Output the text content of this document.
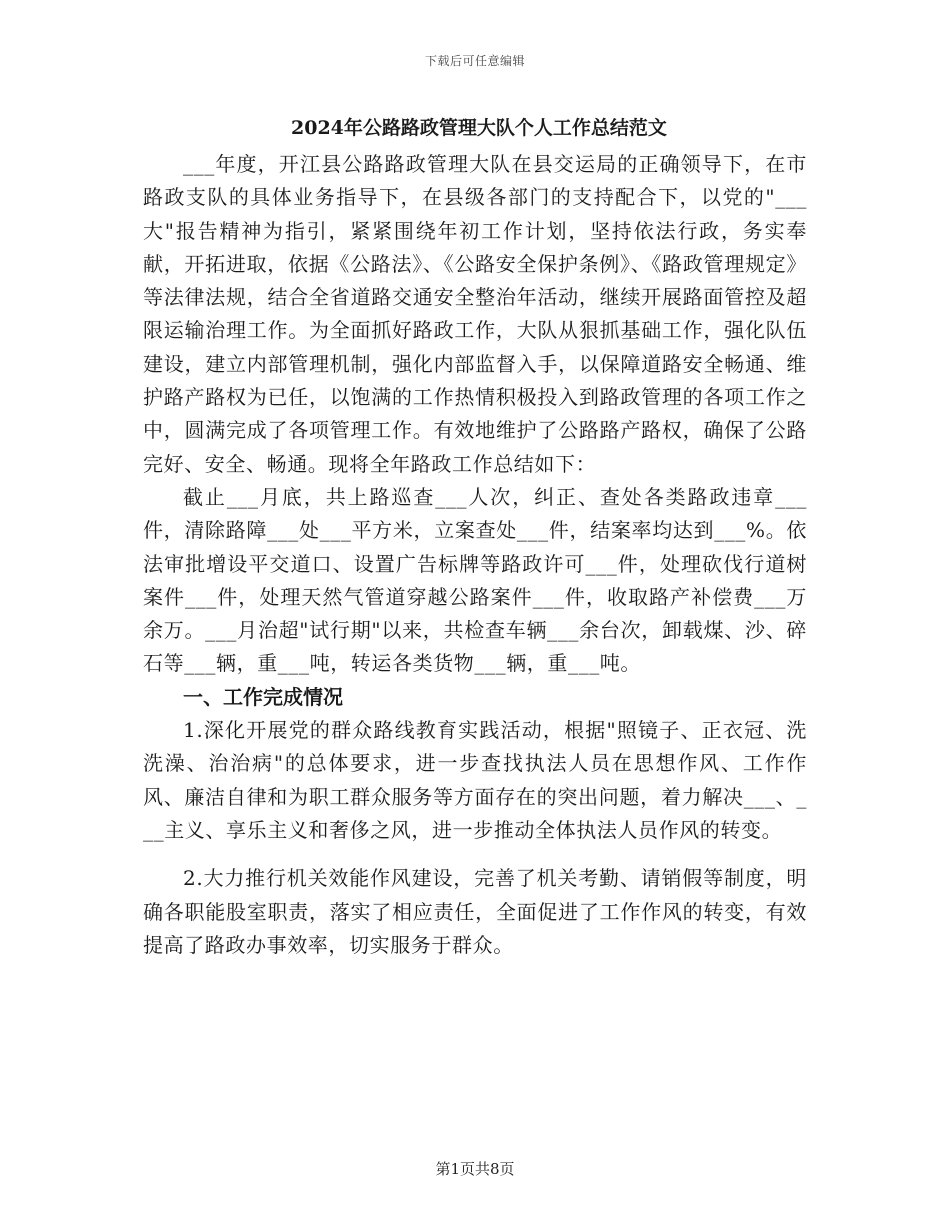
下载后可任意编辑
2024年公路路政管理大队个人工作总结范文

___年度，开江县公路路政管理大队在县交运局的正确领导下，在市路政支队的具体业务指导下，在县级各部门的支持配合下，以党的"___大"报告精神为指引，紧紧围绕年初工作计划，坚持依法行政，务实奉献，开拓进取，依据《公路法》、《公路安全保护条例》、《路政管理规定》等法律法规，结合全省道路交通安全整治年活动，继续开展路面管控及超限运输治理工作。为全面抓好路政工作，大队从狠抓基础工作，强化队伍建设，建立内部管理机制，强化内部监督入手，以保障道路安全畅通、维护路产路权为已任，以饱满的工作热情积极投入到路政管理的各项工作之中，圆满完成了各项管理工作。有效地维护了公路路产路权，确保了公路完好、安全、畅通。现将全年路政工作总结如下：

截止___月底，共上路巡查___人次，纠正、查处各类路政违章___件，清除路障___处___平方米，立案查处___件，结案率均达到___%。依法审批增设平交道口、设置广告标牌等路政许可___件，处理砍伐行道树案件___件，处理天然气管道穿越公路案件___件，收取路产补偿费___万余万。___月治超"试行期"以来，共检查车辆___余台次，卸载煤、沙、碎石等___辆，重___吨，转运各类货物___辆，重___吨。

一、工作完成情况

1.深化开展党的群众路线教育实践活动，根据"照镜子、正衣冠、洗洗澡、治治病"的总体要求，进一步查找执法人员在思想作风、工作作风、廉洁自律和为职工群众服务等方面存在的突出问题，着力解决___、___主义、享乐主义和奢侈之风，进一步推动全体执法人员作风的转变。

2.大力推行机关效能作风建设，完善了机关考勤、请销假等制度，明确各职能股室职责，落实了相应责任，全面促进了工作作风的转变，有效提高了路政办事效率，切实服务于群众。

第1页共8页
